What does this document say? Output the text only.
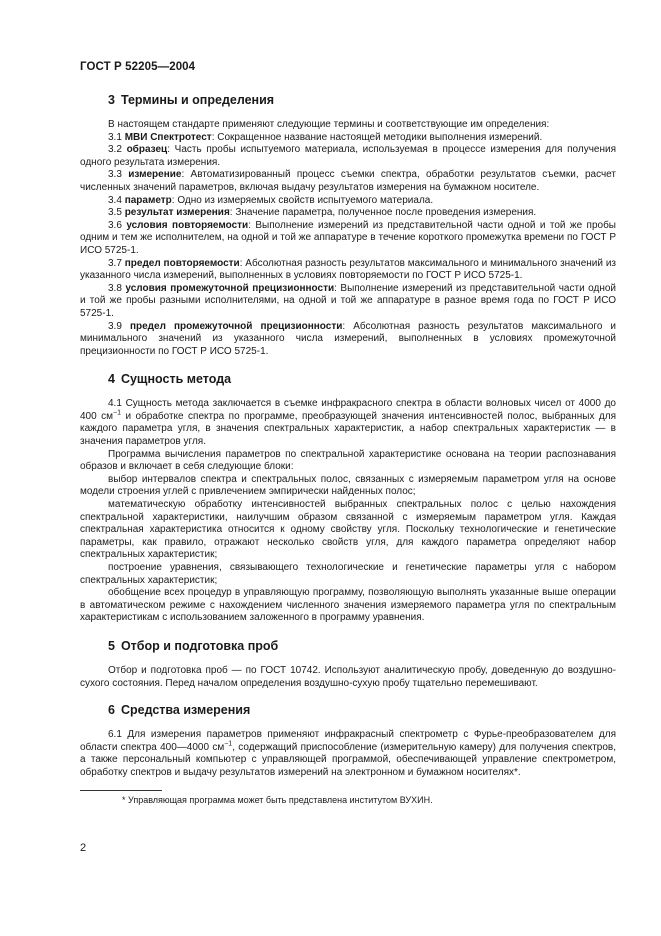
ГОСТ Р 52205—2004
3 Термины и определения

В настоящем стандарте применяют следующие термины и соответствующие им определения:

3.1 МВИ Спектротест: Сокращенное название настоящей методики выполнения измерений.

3.2 образец: Часть пробы испытуемого материала, используемая в процессе измерения для получения одного результата измерения.

3.3 измерение: Автоматизированный процесс съемки спектра, обработки результатов съемки, расчет численных значений параметров, включая выдачу результатов измерения на бумажном носителе.

3.4 параметр: Одно из измеряемых свойств испытуемого материала.

3.5 результат измерения: Значение параметра, полученное после проведения измерения.

3.6 условия повторяемости: Выполнение измерений из представительной части одной и той же пробы одним и тем же исполнителем, на одной и той же аппаратуре в течение короткого промежутка времени по ГОСТ Р ИСО 5725-1.

3.7 предел повторяемости: Абсолютная разность результатов максимального и минимального значений из указанного числа измерений, выполненных в условиях повторяемости по ГОСТ Р ИСО 5725-1.

3.8 условия промежуточной прецизионности: Выполнение измерений из представительной части одной и той же пробы разными исполнителями, на одной и той же аппаратуре в разное время года по ГОСТ Р ИСО 5725-1.

3.9 предел промежуточной прецизионности: Абсолютная разность результатов максимального и минимального значений из указанного числа измерений, выполненных в условиях промежуточной прецизионности по ГОСТ Р ИСО 5725-1.

4 Сущность метода

4.1 Сущность метода заключается в съемке инфракрасного спектра в области волновых чисел от 4000 до 400 $см^{-1}$ и обработке спектра по программе, преобразующей значения интенсивностей полос, выбранных для каждого параметра угля, в значения спектральных характеристик, а набор спектральных характеристик — в значения параметров угля.

Программа вычисления параметров по спектральной характеристике основана на теории распознавания образов и включает в себя следующие блоки:

выбор интервалов спектра и спектральных полос, связанных с измеряемым параметром угля на основе модели строения углей с привлечением эмпирически найденных полос;

математическую обработку интенсивностей выбранных спектральных полос с целью нахождения спектральной характеристики, наилучшим образом связанной с измеряемым параметром угля. Каждая спектральная характеристика относится к одному свойству угля. Поскольку технологические и генетические параметры, как правило, отражают несколько свойств угля, для каждого параметра определяют набор спектральных характеристик;

построение уравнения, связывающего технологические и генетические параметры угля с набором спектральных характеристик;

обобщение всех процедур в управляющую программу, позволяющую выполнять указанные выше операции в автоматическом режиме с нахождением численного значения измеряемого параметра угля по спектральным характеристикам с использованием заложенного в программу уравнения.

5 Отбор и подготовка проб

Отбор и подготовка проб — по ГОСТ 10742. Используют аналитическую пробу, доведенную до воздушно-сухого состояния. Перед началом определения воздушно-сухую пробу тщательно перемешивают.

6 Средства измерения

6.1 Для измерения параметров применяют инфракрасный спектрометр с Фурье-преобразователем для области спектра 400—4000 $см^{-1}$, содержащий приспособление (измерительную камеру) для получения спектров, а также персональный компьютер с управляющей программой, обеспечивающей управление спектрометром, обработку спектров и выдачу результатов измерений на электронном и бумажном носителях*.

* Управляющая программа может быть представлена институтом ВУХИН.
2
